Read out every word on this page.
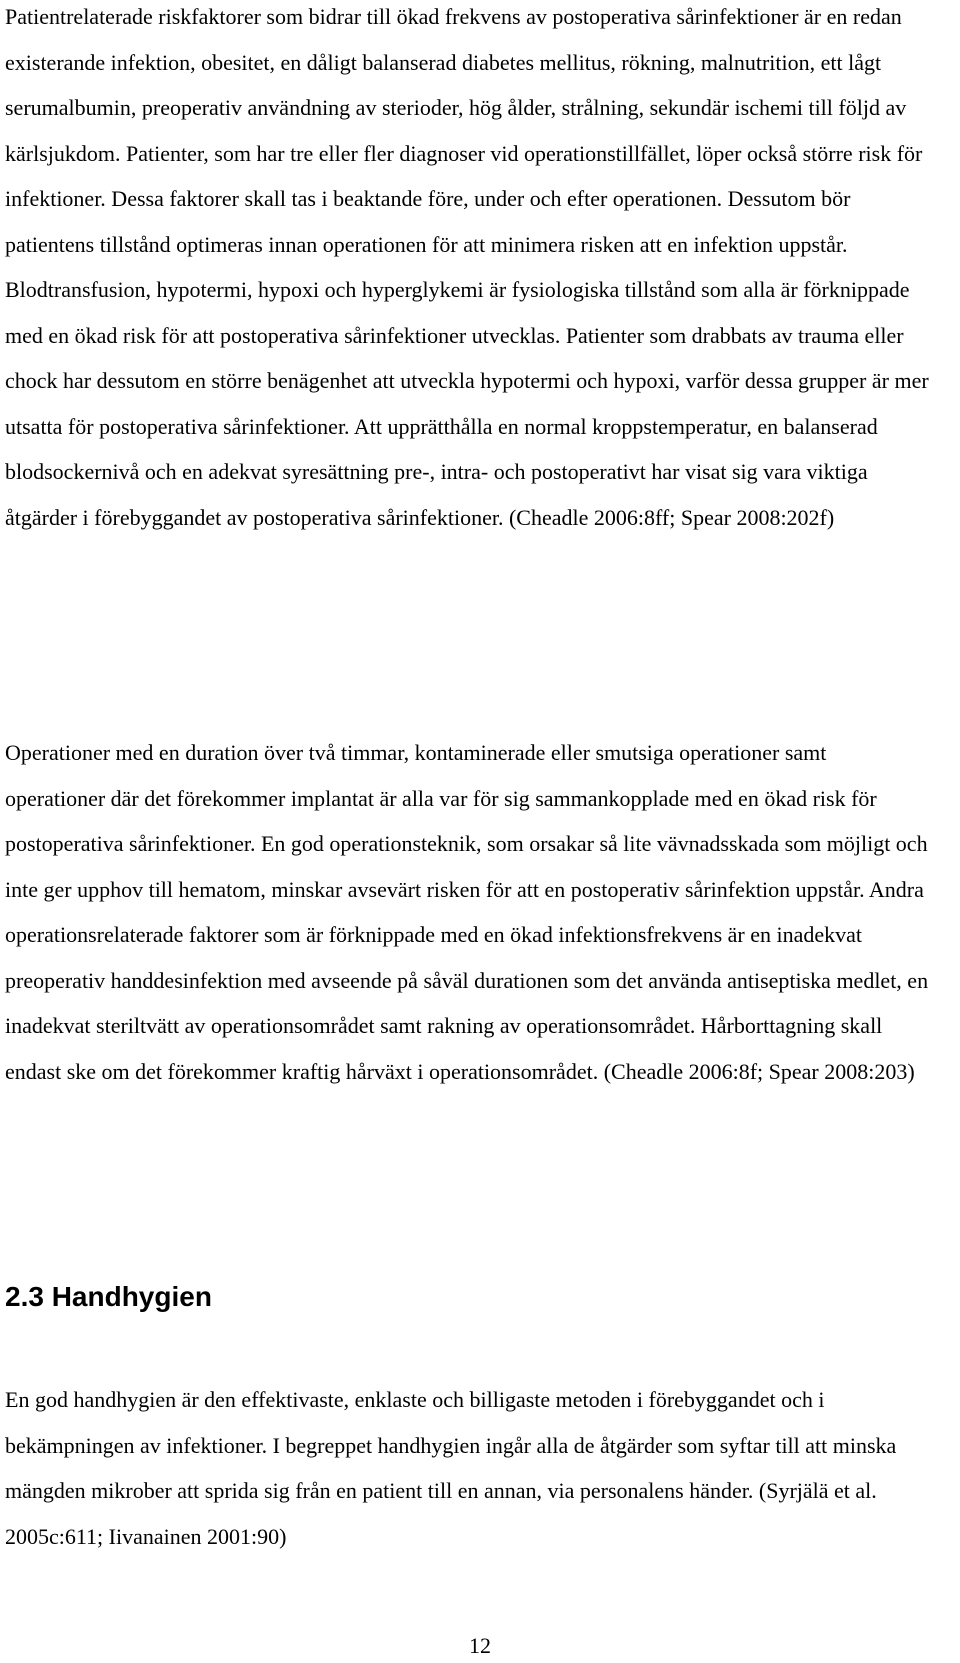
Patientrelaterade riskfaktorer som bidrar till ökad frekvens av postoperativa sårinfektioner är en redan existerande infektion, obesitet, en dåligt balanserad diabetes mellitus, rökning, malnutrition, ett lågt serumalbumin, preoperativ användning av sterioder, hög ålder, strålning, sekundär ischemi till följd av kärlsjukdom. Patienter, som har tre eller fler diagnoser vid operationstillfället, löper också större risk för infektioner. Dessa faktorer skall tas i beaktande före, under och efter operationen. Dessutom bör patientens tillstånd optimeras innan operationen för att minimera risken att en infektion uppstår. Blodtransfusion, hypotermi, hypoxi och hyperglykemi är fysiologiska tillstånd som alla är förknippade med en ökad risk för att postoperativa sårinfektioner utvecklas. Patienter som drabbats av trauma eller chock har dessutom en större benägenhet att utveckla hypotermi och hypoxi, varför dessa grupper är mer utsatta för postoperativa sårinfektioner. Att upprätthålla en normal kroppstemperatur, en balanserad blodsockernivå och en adekvat syresättning pre-, intra- och postoperativt har visat sig vara viktiga åtgärder i förebyggandet av postoperativa sårinfektioner. (Cheadle 2006:8ff; Spear 2008:202f)

Operationer med en duration över två timmar, kontaminerade eller smutsiga operationer samt operationer där det förekommer implantat är alla var för sig sammankopplade med en ökad risk för postoperativa sårinfektioner. En god operationsteknik, som orsakar så lite vävnadsskada som möjligt och inte ger upphov till hematom, minskar avsevärt risken för att en postoperativ sårinfektion uppstår. Andra operationsrelaterade faktorer som är förknippade med en ökad infektionsfrekvens är en inadekvat preoperativ handdesinfektion med avseende på såväl durationen som det använda antiseptiska medlet, en inadekvat steriltvätt av operationsområdet samt rakning av operationsområdet. Hårborttagning skall endast ske om det förekommer kraftig hårväxt i operationsområdet. (Cheadle 2006:8f; Spear 2008:203)

2.3 Handhygien

En god handhygien är den effektivaste, enklaste och billigaste metoden i förebyggandet och i bekämpningen av infektioner. I begreppet handhygien ingår alla de åtgärder som syftar till att minska mängden mikrober att sprida sig från en patient till en annan, via personalens händer. (Syrjälä et al. 2005c:611; Iivanainen 2001:90)

12
